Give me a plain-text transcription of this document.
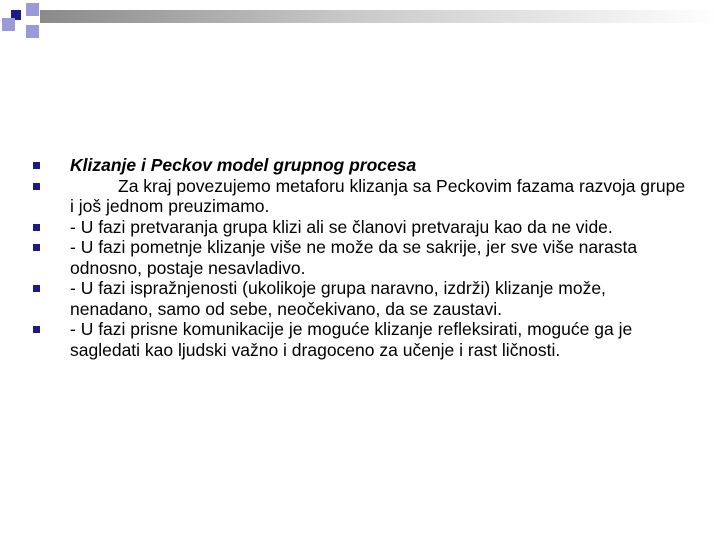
Klizanje i Peckov model grupnog procesa
Za kraj povezujemo metaforu klizanja sa Peckovim fazama razvoja grupe i još jednom preuzimamo.
- U fazi pretvaranja grupa klizi ali se članovi pretvaraju kao da ne vide.
- U fazi pometnje klizanje više ne može da se sakrije, jer sve više narasta odnosno, postaje nesavladivo.
- U fazi ispražnjenosti (ukolikoje grupa naravno, izdrži) klizanje može, nenadano, samo od sebe, neočekivano, da se zaustavi.
- U fazi prisne komunikacije je moguće klizanje refleksirati, moguće ga je sagledati kao ljudski važno i dragoceno za učenje i rast ličnosti.
